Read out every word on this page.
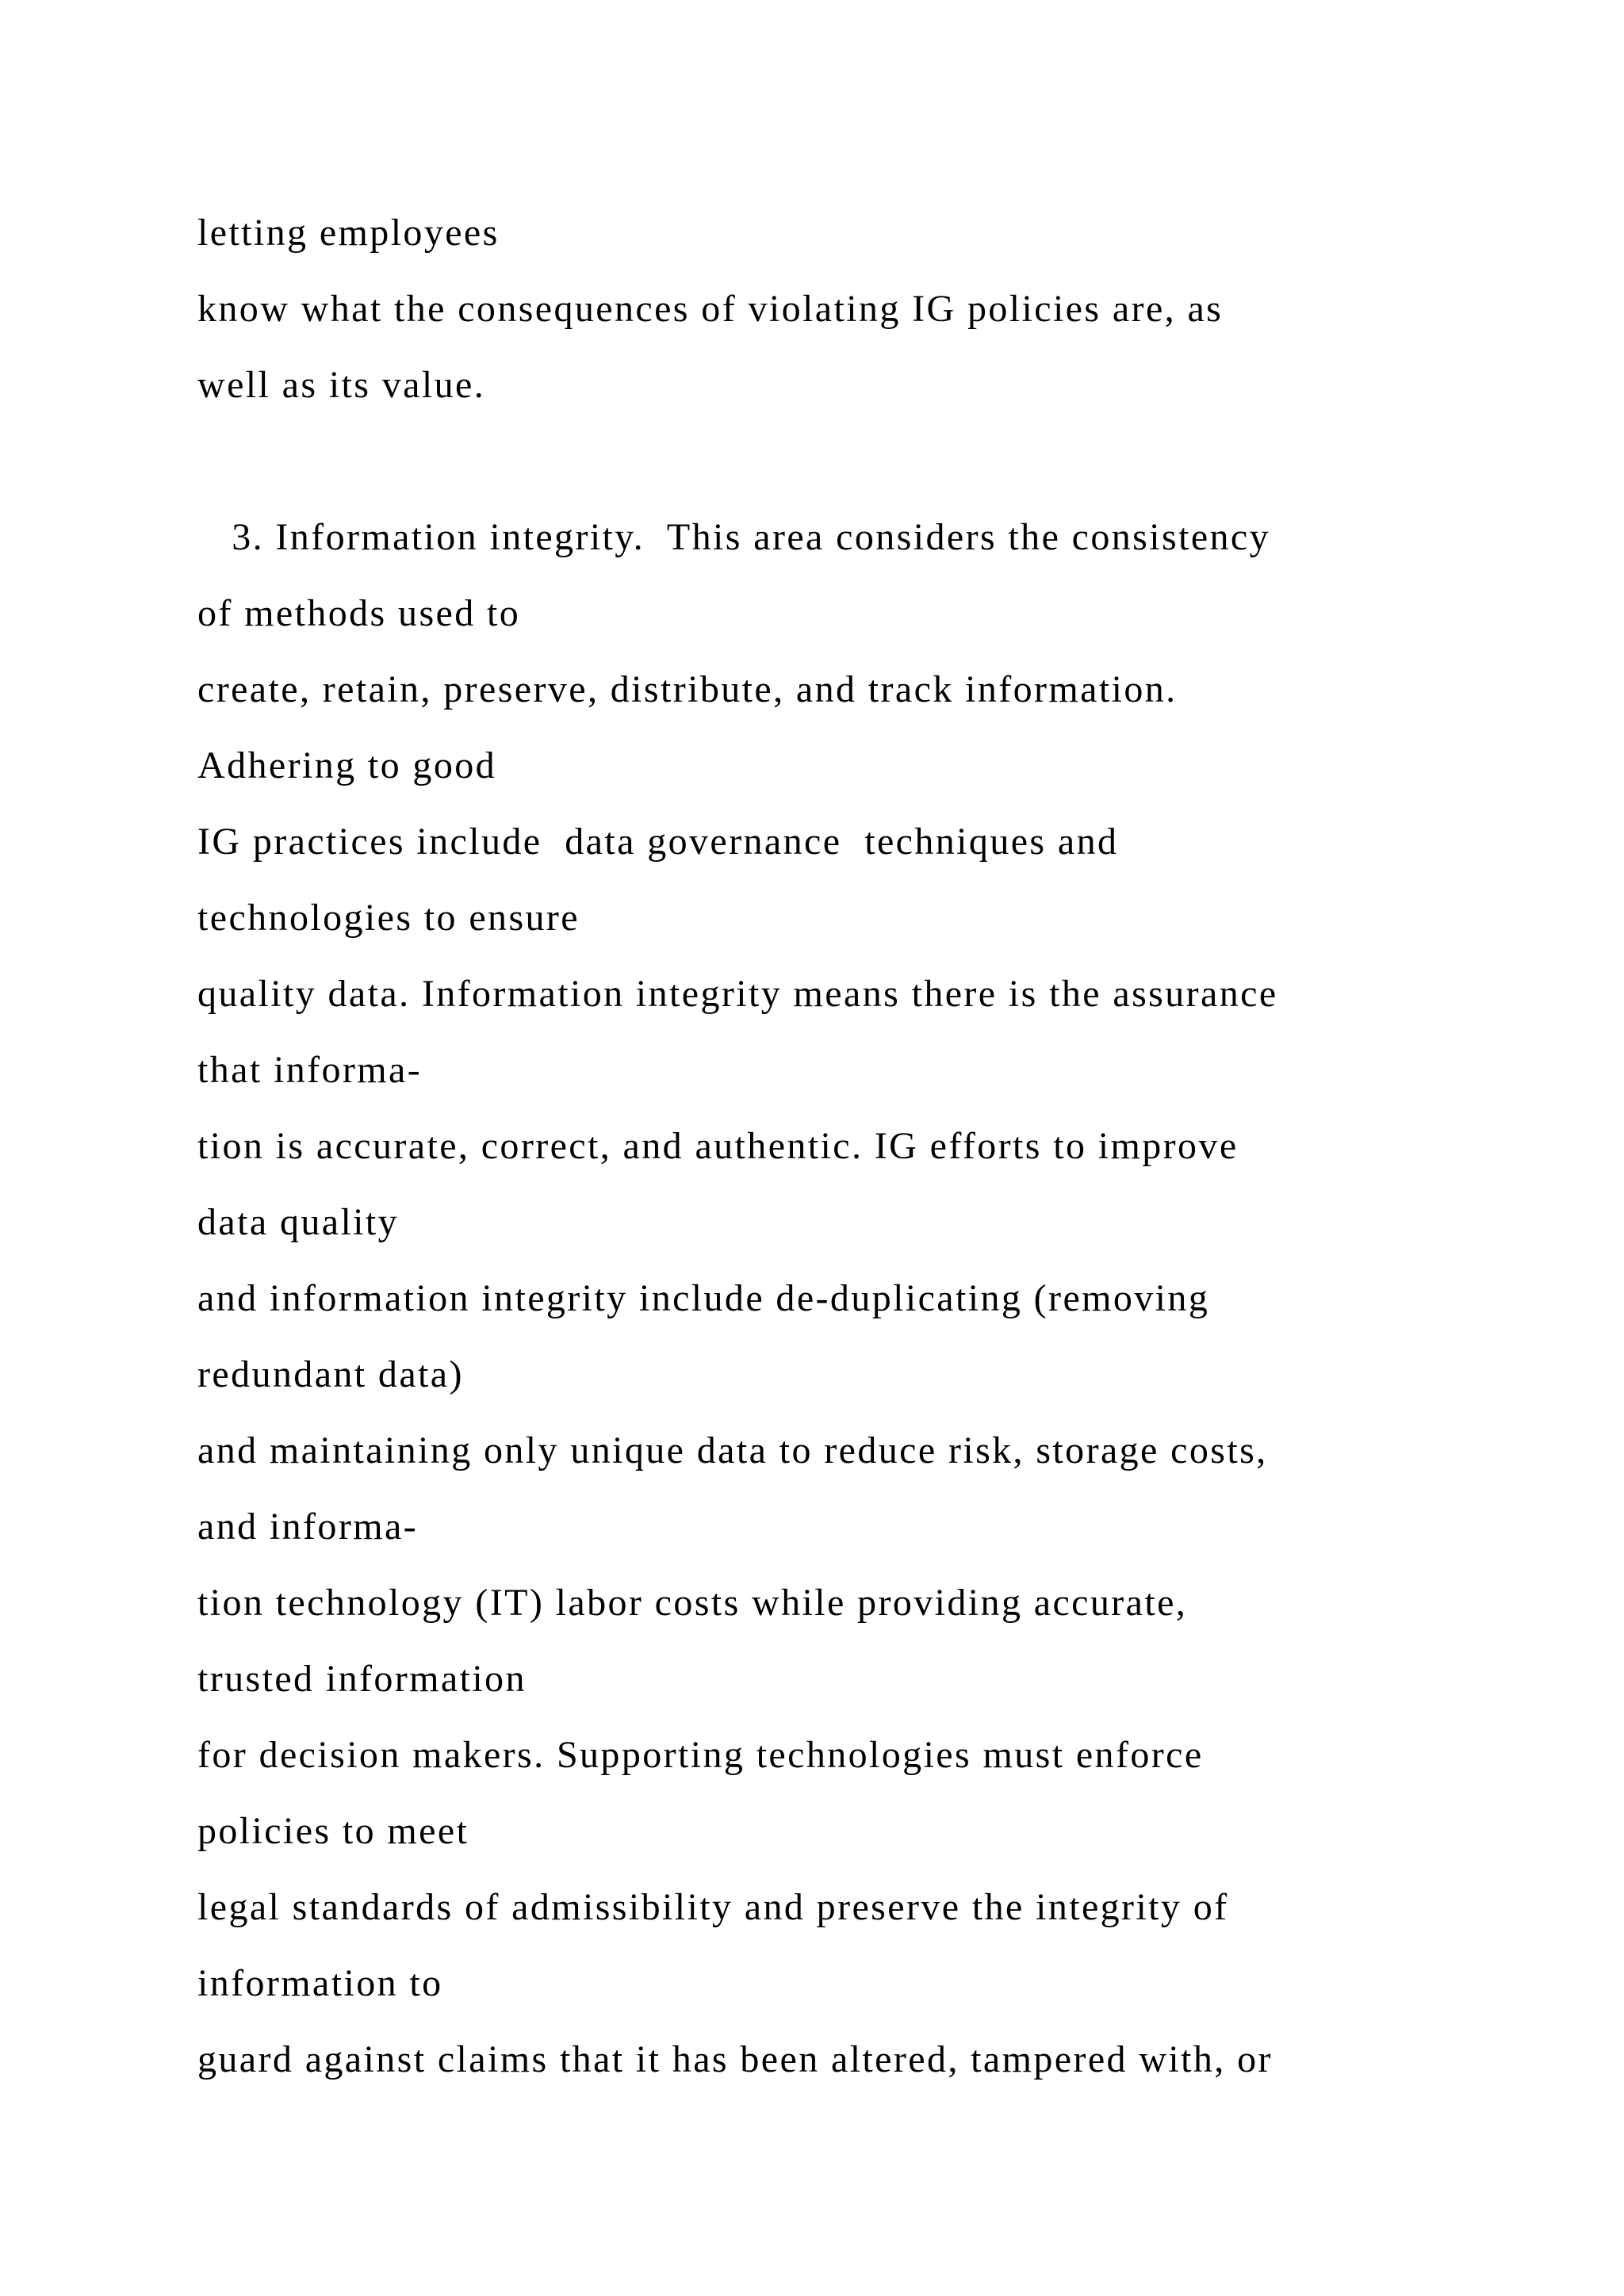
letting employees
know what the consequences of violating IG policies are, as
well as its value.
3. Information integrity.  This area considers the consistency
of methods used to
create, retain, preserve, distribute, and track information.
Adhering to good
IG practices include  data governance  techniques and
technologies to ensure
quality data. Information integrity means there is the assurance
that informa-
tion is accurate, correct, and authentic. IG efforts to improve
data quality
and information integrity include de-duplicating (removing
redundant data)
and maintaining only unique data to reduce risk, storage costs,
and informa-
tion technology (IT) labor costs while providing accurate,
trusted information
for decision makers. Supporting technologies must enforce
policies to meet
legal standards of admissibility and preserve the integrity of
information to
guard against claims that it has been altered, tampered with, or
